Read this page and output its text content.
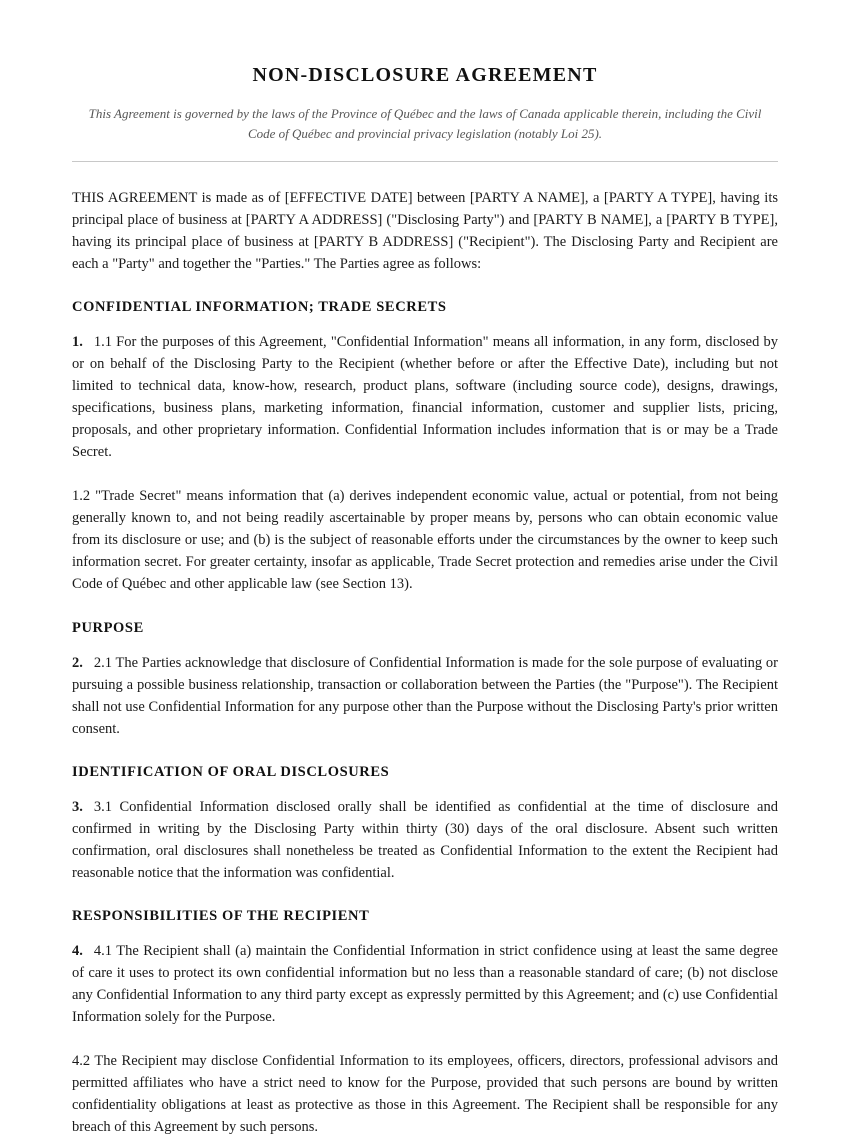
NON-DISCLOSURE AGREEMENT

This Agreement is governed by the laws of the Province of Québec and the laws of Canada applicable therein, including the Civil Code of Québec and provincial privacy legislation (notably Loi 25).

THIS AGREEMENT is made as of [EFFECTIVE DATE] between [PARTY A NAME], a [PARTY A TYPE], having its principal place of business at [PARTY A ADDRESS] ("Disclosing Party") and [PARTY B NAME], a [PARTY B TYPE], having its principal place of business at [PARTY B ADDRESS] ("Recipient"). The Disclosing Party and Recipient are each a "Party" and together the "Parties." The Parties agree as follows:

CONFIDENTIAL INFORMATION; TRADE SECRETS

1. 1.1 For the purposes of this Agreement, "Confidential Information" means all information, in any form, disclosed by or on behalf of the Disclosing Party to the Recipient (whether before or after the Effective Date), including but not limited to technical data, know-how, research, product plans, software (including source code), designs, drawings, specifications, business plans, marketing information, financial information, customer and supplier lists, pricing, proposals, and other proprietary information. Confidential Information includes information that is or may be a Trade Secret.

1.2 "Trade Secret" means information that (a) derives independent economic value, actual or potential, from not being generally known to, and not being readily ascertainable by proper means by, persons who can obtain economic value from its disclosure or use; and (b) is the subject of reasonable efforts under the circumstances by the owner to keep such information secret. For greater certainty, insofar as applicable, Trade Secret protection and remedies arise under the Civil Code of Québec and other applicable law (see Section 13).

PURPOSE

2. 2.1 The Parties acknowledge that disclosure of Confidential Information is made for the sole purpose of evaluating or pursuing a possible business relationship, transaction or collaboration between the Parties (the "Purpose"). The Recipient shall not use Confidential Information for any purpose other than the Purpose without the Disclosing Party's prior written consent.

IDENTIFICATION OF ORAL DISCLOSURES

3. 3.1 Confidential Information disclosed orally shall be identified as confidential at the time of disclosure and confirmed in writing by the Disclosing Party within thirty (30) days of the oral disclosure. Absent such written confirmation, oral disclosures shall nonetheless be treated as Confidential Information to the extent the Recipient had reasonable notice that the information was confidential.

RESPONSIBILITIES OF THE RECIPIENT

4. 4.1 The Recipient shall (a) maintain the Confidential Information in strict confidence using at least the same degree of care it uses to protect its own confidential information but no less than a reasonable standard of care; (b) not disclose any Confidential Information to any third party except as expressly permitted by this Agreement; and (c) use Confidential Information solely for the Purpose.

4.2 The Recipient may disclose Confidential Information to its employees, officers, directors, professional advisors and permitted affiliates who have a strict need to know for the Purpose, provided that such persons are bound by written confidentiality obligations at least as protective as those in this Agreement. The Recipient shall be responsible for any breach of this Agreement by such persons.
